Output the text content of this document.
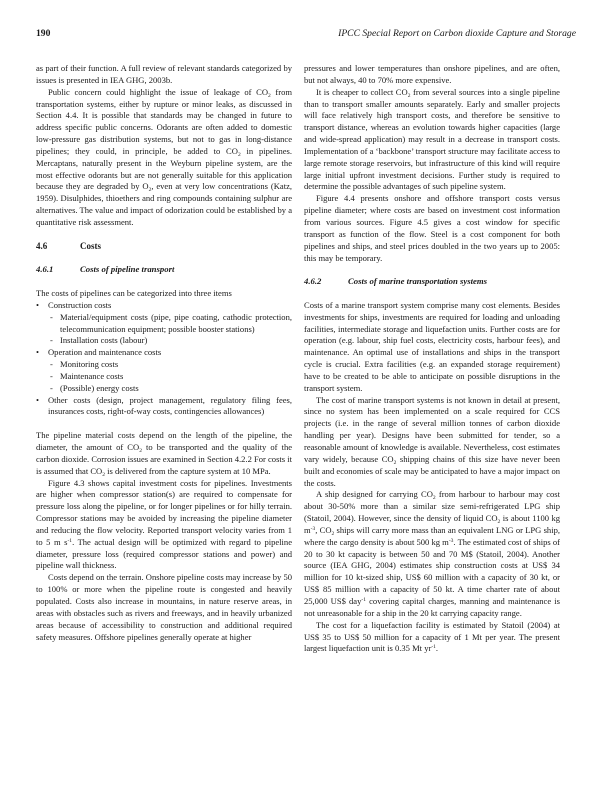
190	IPCC Special Report on Carbon dioxide Capture and Storage

as part of their function. A full review of relevant standards categorized by issues is presented in IEA GHG, 2003b.

Public concern could highlight the issue of leakage of $CO_2$ from transportation systems, either by rupture or minor leaks, as discussed in Section 4.4. It is possible that standards may be changed in future to address specific public concerns. Odorants are often added to domestic low-pressure gas distribution systems, but not to gas in long-distance pipelines; they could, in principle, be added to $CO_2$ in pipelines. Mercaptans, naturally present in the Weyburn pipeline system, are the most effective odorants but are not generally suitable for this application because they are degraded by $O_2$, even at very low concentrations (Katz, 1959). Disulphides, thioethers and ring compounds containing sulphur are alternatives. The value and impact of odorization could be established by a quantitative risk assessment.

4.6	Costs
4.6.1	Costs of pipeline transport

The costs of pipelines can be categorized into three items

• Construction costs
- Material/equipment costs (pipe, pipe coating, cathodic protection, telecommunication equipment; possible booster stations)
- Installation costs (labour)
• Operation and maintenance costs
- Monitoring costs
- Maintenance costs
- (Possible) energy costs
• Other costs (design, project management, regulatory filing fees, insurances costs, right-of-way costs, contingencies allowances)

The pipeline material costs depend on the length of the pipeline, the diameter, the amount of $CO_2$ to be transported and the quality of the carbon dioxide. Corrosion issues are examined in Section 4.2.2 For costs it is assumed that $CO_2$ is delivered from the capture system at 10 MPa.

Figure 4.3 shows capital investment costs for pipelines. Investments are higher when compressor station(s) are required to compensate for pressure loss along the pipeline, or for longer pipelines or for hilly terrain. Compressor stations may be avoided by increasing the pipeline diameter and reducing the flow velocity. Reported transport velocity varies from 1 to 5 m $s^{-1}$. The actual design will be optimized with regard to pipeline diameter, pressure loss (required compressor stations and power) and pipeline wall thickness.

Costs depend on the terrain. Onshore pipeline costs may increase by 50 to 100% or more when the pipeline route is congested and heavily populated. Costs also increase in mountains, in nature reserve areas, in areas with obstacles such as rivers and freeways, and in heavily urbanized areas because of accessibility to construction and additional required safety measures. Offshore pipelines generally operate at higher

pressures and lower temperatures than onshore pipelines, and are often, but not always, 40 to 70% more expensive.

It is cheaper to collect $CO_2$ from several sources into a single pipeline than to transport smaller amounts separately. Early and smaller projects will face relatively high transport costs, and therefore be sensitive to transport distance, whereas an evolution towards higher capacities (large and wide-spread application) may result in a decrease in transport costs. Implementation of a ‘backbone’ transport structure may facilitate access to large remote storage reservoirs, but infrastructure of this kind will require large initial upfront investment decisions. Further study is required to determine the possible advantages of such pipeline system.

Figure 4.4 presents onshore and offshore transport costs versus pipeline diameter; where costs are based on investment cost information from various sources. Figure 4.5 gives a cost window for specific transport as function of the flow. Steel is a cost component for both pipelines and ships, and steel prices doubled in the two years up to 2005: this may be temporary.

4.6.2	Costs of marine transportation systems

Costs of a marine transport system comprise many cost elements. Besides investments for ships, investments are required for loading and unloading facilities, intermediate storage and liquefaction units. Further costs are for operation (e.g. labour, ship fuel costs, electricity costs, harbour fees), and maintenance. An optimal use of installations and ships in the transport cycle is crucial. Extra facilities (e.g. an expanded storage requirement) have to be created to be able to anticipate on possible disruptions in the transport system.

The cost of marine transport systems is not known in detail at present, since no system has been implemented on a scale required for CCS projects (i.e. in the range of several million tonnes of carbon dioxide handling per year). Designs have been submitted for tender, so a reasonable amount of knowledge is available. Nevertheless, cost estimates vary widely, because $CO_2$ shipping chains of this size have never been built and economies of scale may be anticipated to have a major impact on the costs.

A ship designed for carrying $CO_2$ from harbour to harbour may cost about 30-50% more than a similar size semi-refrigerated LPG ship (Statoil, 2004). However, since the density of liquid $CO_2$ is about 1100 kg $m^{-3}$, $CO_2$ ships will carry more mass than an equivalent LNG or LPG ship, where the cargo density is about 500 kg $m^{-3}$. The estimated cost of ships of 20 to 30 kt capacity is between 50 and 70 M$ (Statoil, 2004). Another source (IEA GHG, 2004) estimates ship construction costs at US$ 34 million for 10 kt-sized ship, US$ 60 million with a capacity of 30 kt, or US$ 85 million with a capacity of 50 kt. A time charter rate of about 25,000 US$ day$^{-1}$ covering capital charges, manning and maintenance is not unreasonable for a ship in the 20 kt carrying capacity range.

The cost for a liquefaction facility is estimated by Statoil (2004) at US$ 35 to US$ 50 million for a capacity of 1 Mt per year. The present largest liquefaction unit is 0.35 Mt $yr^{-1}$.
